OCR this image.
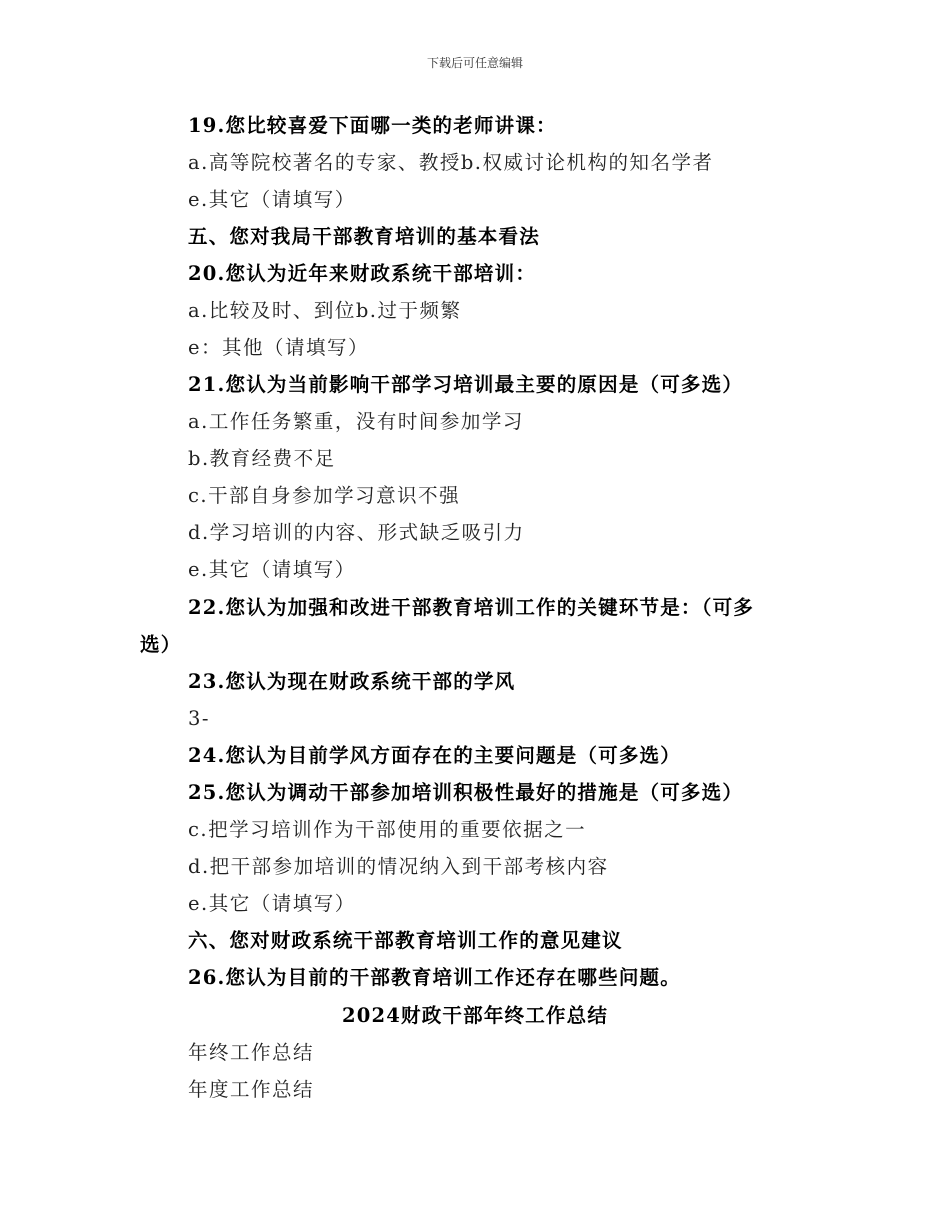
下载后可任意编辑
19.您比较喜爱下面哪一类的老师讲课：
a.高等院校著名的专家、教授b.权威讨论机构的知名学者
e.其它（请填写）
五、您对我局干部教育培训的基本看法
20.您认为近年来财政系统干部培训：
a.比较及时、到位b.过于频繁
e：其他（请填写）
21.您认为当前影响干部学习培训最主要的原因是（可多选）
a.工作任务繁重，没有时间参加学习
b.教育经费不足
c.干部自身参加学习意识不强
d.学习培训的内容、形式缺乏吸引力
e.其它（请填写）
22.您认为加强和改进干部教育培训工作的关键环节是：（可多
选）
23.您认为现在财政系统干部的学风
3-
24.您认为目前学风方面存在的主要问题是（可多选）
25.您认为调动干部参加培训积极性最好的措施是（可多选）
c.把学习培训作为干部使用的重要依据之一
d.把干部参加培训的情况纳入到干部考核内容
e.其它（请填写）
六、您对财政系统干部教育培训工作的意见建议
26.您认为目前的干部教育培训工作还存在哪些问题。
2024财政干部年终工作总结
年终工作总结
年度工作总结
